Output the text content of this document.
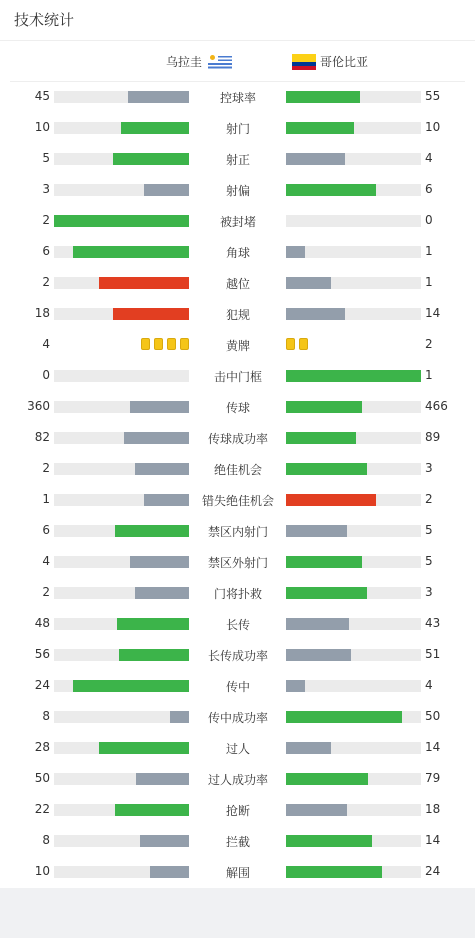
技术统计
乌拉圭	哥伦比亚
45	控球率	55
10	射门	10
5	射正	4
3	射偏	6
2	被封堵	0
6	角球	1
2	越位	1
18	犯规	14
4	黄牌	2
0	击中门框	1
360	传球	466
82	传球成功率	89
2	绝佳机会	3
1	错失绝佳机会	2
6	禁区内射门	5
4	禁区外射门	5
2	门将扑救	3
48	长传	43
56	长传成功率	51
24	传中	4
8	传中成功率	50
28	过人	14
50	过人成功率	79
22	抢断	18
8	拦截	14
10	解围	24
